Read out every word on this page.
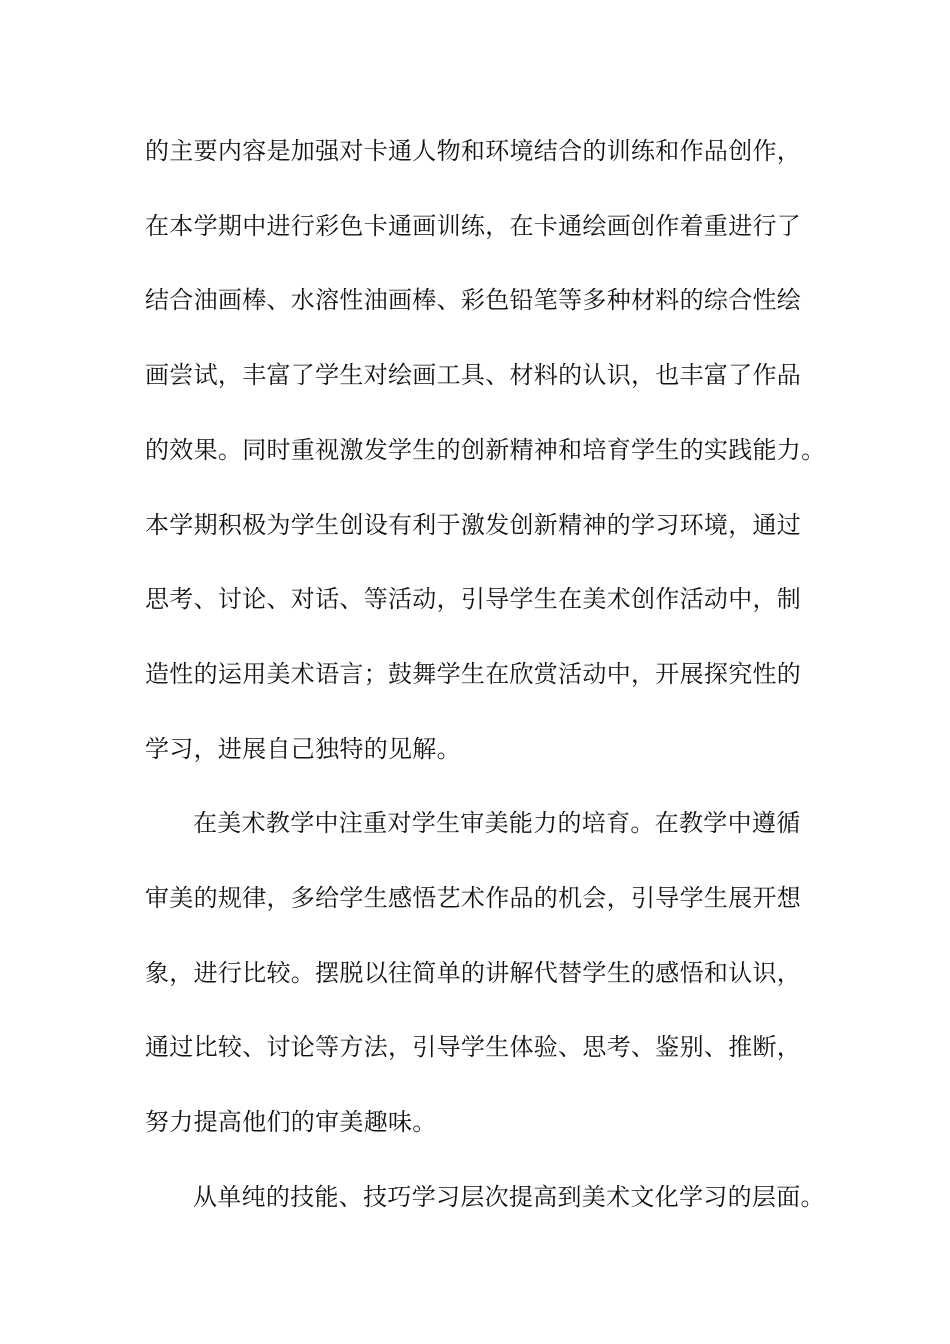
的主要内容是加强对卡通人物和环境结合的训练和作品创作，
在本学期中进行彩色卡通画训练，在卡通绘画创作着重进行了
结合油画棒、水溶性油画棒、彩色铅笔等多种材料的综合性绘
画尝试，丰富了学生对绘画工具、材料的认识，也丰富了作品
的效果。同时重视激发学生的创新精神和培育学生的实践能力。
本学期积极为学生创设有利于激发创新精神的学习环境，通过
思考、讨论、对话、等活动，引导学生在美术创作活动中，制
造性的运用美术语言；鼓舞学生在欣赏活动中，开展探究性的
学习，进展自己独特的见解。
在美术教学中注重对学生审美能力的培育。在教学中遵循
审美的规律，多给学生感悟艺术作品的机会，引导学生展开想
象，进行比较。摆脱以往简单的讲解代替学生的感悟和认识，
通过比较、讨论等方法，引导学生体验、思考、鉴别、推断，
努力提高他们的审美趣味。
从单纯的技能、技巧学习层次提高到美术文化学习的层面。
